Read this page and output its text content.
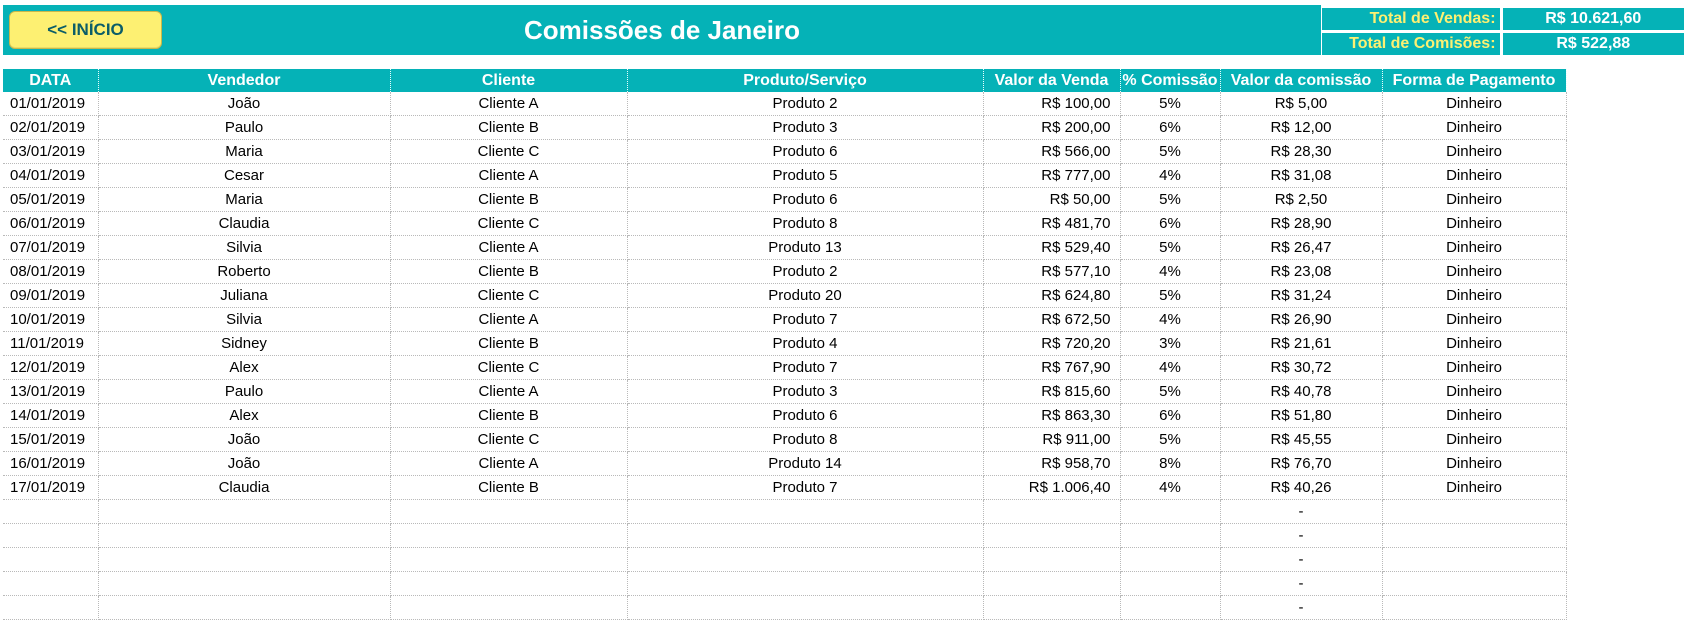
<< INÍCIO	Comissões de Janeiro	Total de Vendas:	R$ 10.621,60
Total de Comisões:	R$ 522,88
DATA	Vendedor	Cliente	Produto/Serviço	Valor da Venda	% Comissão	Valor da comissão	Forma de Pagamento
01/01/2019	João	Cliente A	Produto 2	R$ 100,00	5%	R$ 5,00	Dinheiro
02/01/2019	Paulo	Cliente B	Produto 3	R$ 200,00	6%	R$ 12,00	Dinheiro
03/01/2019	Maria	Cliente C	Produto 6	R$ 566,00	5%	R$ 28,30	Dinheiro
04/01/2019	Cesar	Cliente A	Produto 5	R$ 777,00	4%	R$ 31,08	Dinheiro
05/01/2019	Maria	Cliente B	Produto 6	R$ 50,00	5%	R$ 2,50	Dinheiro
06/01/2019	Claudia	Cliente C	Produto 8	R$ 481,70	6%	R$ 28,90	Dinheiro
07/01/2019	Silvia	Cliente A	Produto 13	R$ 529,40	5%	R$ 26,47	Dinheiro
08/01/2019	Roberto	Cliente B	Produto 2	R$ 577,10	4%	R$ 23,08	Dinheiro
09/01/2019	Juliana	Cliente C	Produto 20	R$ 624,80	5%	R$ 31,24	Dinheiro
10/01/2019	Silvia	Cliente A	Produto 7	R$ 672,50	4%	R$ 26,90	Dinheiro
11/01/2019	Sidney	Cliente B	Produto 4	R$ 720,20	3%	R$ 21,61	Dinheiro
12/01/2019	Alex	Cliente C	Produto 7	R$ 767,90	4%	R$ 30,72	Dinheiro
13/01/2019	Paulo	Cliente A	Produto 3	R$ 815,60	5%	R$ 40,78	Dinheiro
14/01/2019	Alex	Cliente B	Produto 6	R$ 863,30	6%	R$ 51,80	Dinheiro
15/01/2019	João	Cliente C	Produto 8	R$ 911,00	5%	R$ 45,55	Dinheiro
16/01/2019	João	Cliente A	Produto 14	R$ 958,70	8%	R$ 76,70	Dinheiro
17/01/2019	Claudia	Cliente B	Produto 7	R$ 1.006,40	4%	R$ 40,26	Dinheiro
						-	
						-	
						-	
						-	
						-	
